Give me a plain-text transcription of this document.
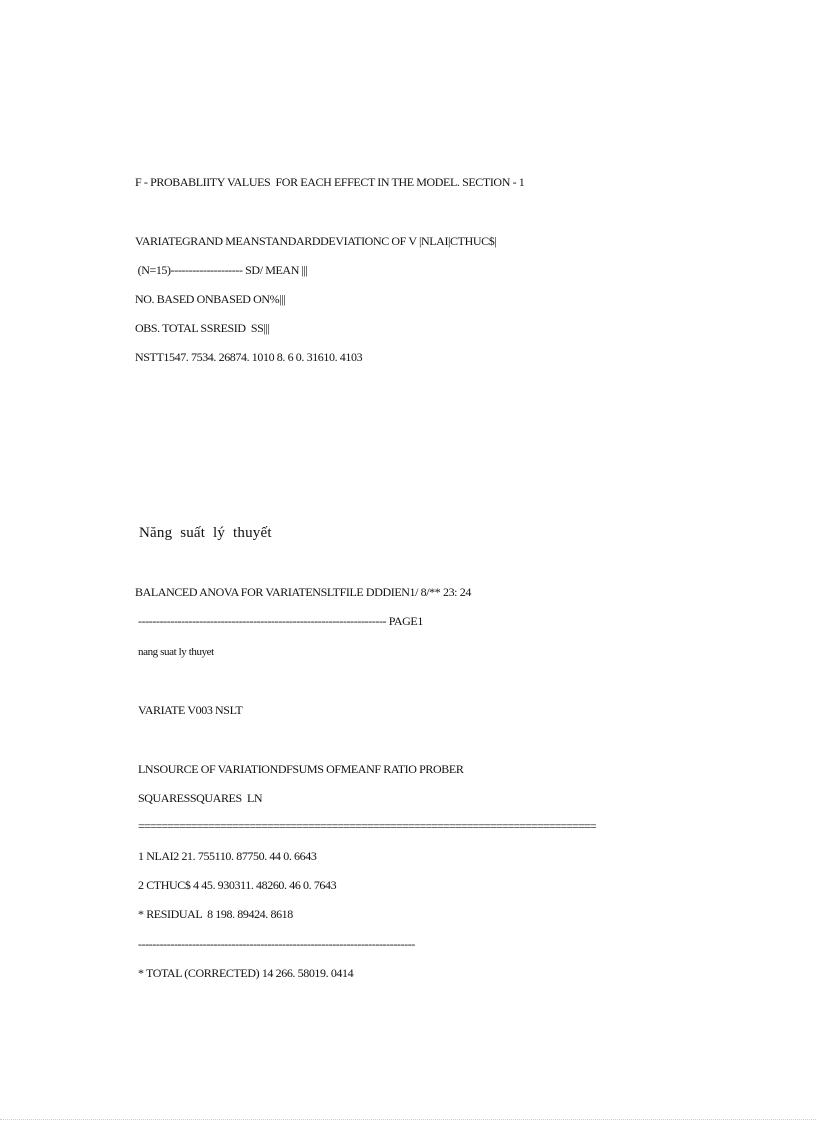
F - PROBABLIITY VALUES  FOR EACH EFFECT IN THE MODEL. SECTION - 1
VARIATEGRAND MEANSTANDARDDEVIATIONC OF V |NLAI|CTHUC$|
(N=15)-------------------- SD/ MEAN |||
NO. BASED ONBASED ON%|||
OBS. TOTAL SSRESID  SS|||
NSTT1547. 7534. 26874. 1010 8. 6 0. 31610. 4103
Năng  suất  lý  thuyết
BALANCED ANOVA FOR VARIATENSLTFILE DDDIEN1/ 8/** 23: 24
--------------------------------------------------------------------- PAGE1
nang suat ly thuyet
VARIATE V003 NSLT
LNSOURCE OF VARIATIONDFSUMS OFMEANF RATIO PROBER
SQUARESSQUARES  LN
==============================================================================
1 NLAI2 21. 755110. 87750. 44 0. 6643
2 CTHUC$ 4 45. 930311. 48260. 46 0. 7643
* RESIDUAL  8 198. 89424. 8618
-----------------------------------------------------------------------------
* TOTAL (CORRECTED) 14 266. 58019. 0414
